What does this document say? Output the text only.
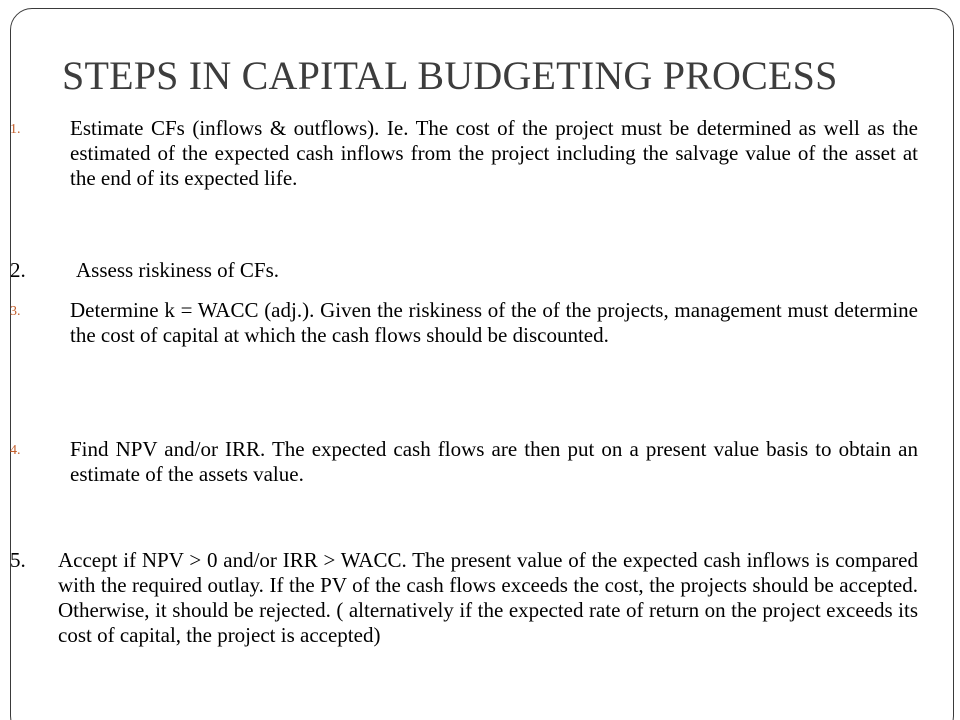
STEPS IN CAPITAL BUDGETING PROCESS
1. Estimate CFs (inflows & outflows). Ie. The cost of the project must be determined as well as the estimated of the expected cash inflows from the project including the salvage value of the asset at the end of its expected life.

2. Assess riskiness of CFs.

3. Determine k = WACC (adj.). Given the riskiness of the of the projects, management must determine the cost of capital at which the cash flows should be discounted.

4. Find NPV and/or IRR. The expected cash flows are then put on a present value basis to obtain an estimate of the assets value.

5. Accept if NPV > 0 and/or IRR > WACC. The present value of the expected cash inflows is compared with the required outlay. If the PV of the cash flows exceeds the cost, the projects should be accepted. Otherwise, it should be rejected. ( alternatively if the expected rate of return on the project exceeds its cost of capital, the project is accepted)
